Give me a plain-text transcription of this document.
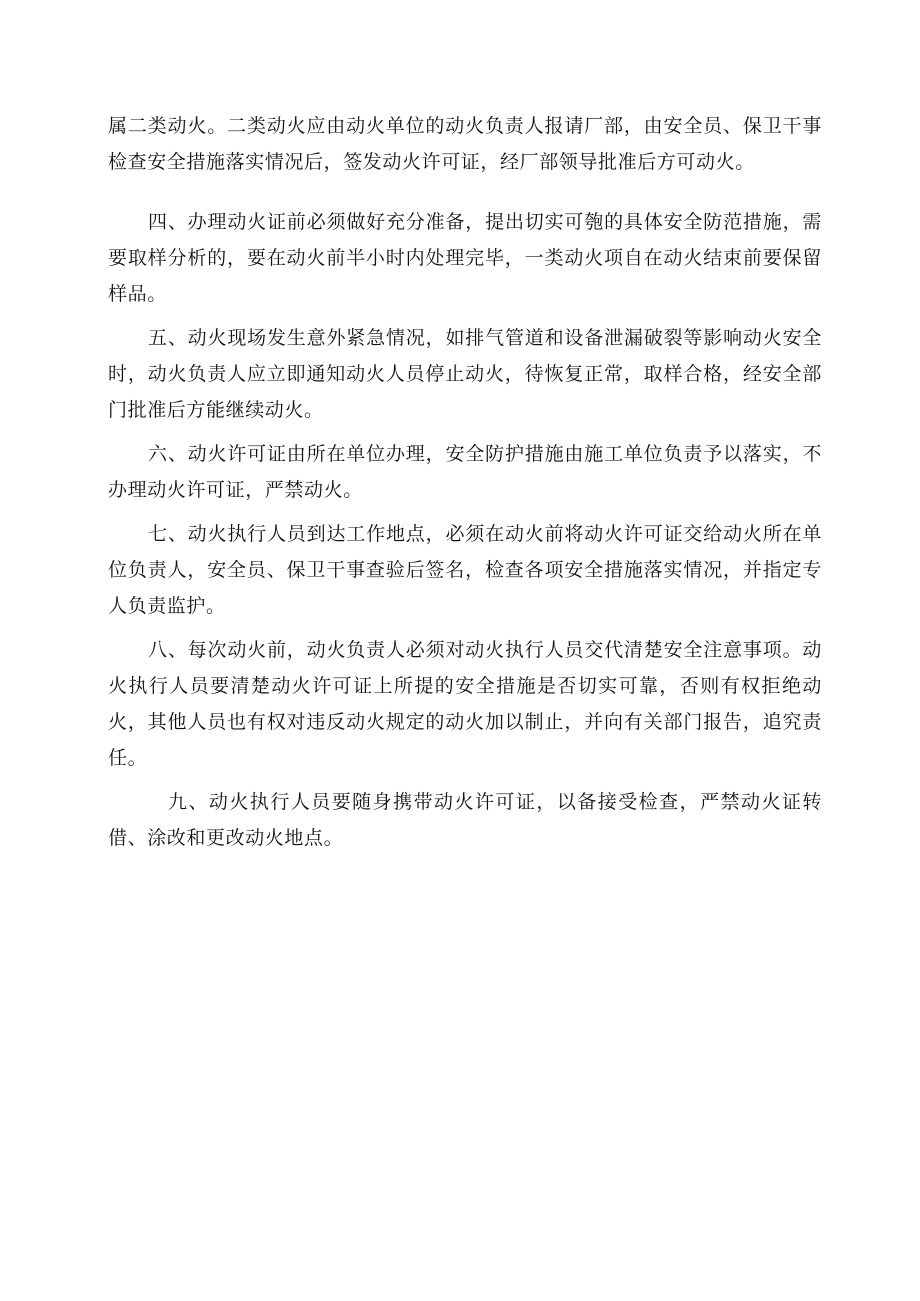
属二类动火。二类动火应由动火单位的动火负责人报请厂部，由安全员、保卫干事检查安全措施落实情况后，签发动火许可证，经厂部领导批准后方可动火。

四、办理动火证前必须做好充分准备，提出切实可匏的具体安全防范措施，需要取样分析的，要在动火前半小时内处理完毕，一类动火项自在动火结束前要保留样品。

五、动火现场发生意外紧急情况，如排气管道和设备泄漏破裂等影响动火安全时，动火负责人应立即通知动火人员停止动火，待恢复正常，取样合格，经安全部门批准后方能继续动火。

六、动火许可证由所在单位办理，安全防护措施由施工单位负责予以落实，不办理动火许可证，严禁动火。

七、动火执行人员到达工作地点，必须在动火前将动火许可证交给动火所在单位负责人，安全员、保卫干事查验后签名，检查各项安全措施落实情况，并指定专人负责监护。

八、每次动火前，动火负责人必须对动火执行人员交代清楚安全注意事项。动火执行人员要清楚动火许可证上所提的安全措施是否切实可靠，否则有权拒绝动火，其他人员也有权对违反动火规定的动火加以制止，并向有关部门报告，追究责任。

九、动火执行人员要随身携带动火许可证，以备接受检查，严禁动火证转借、涂改和更改动火地点。
